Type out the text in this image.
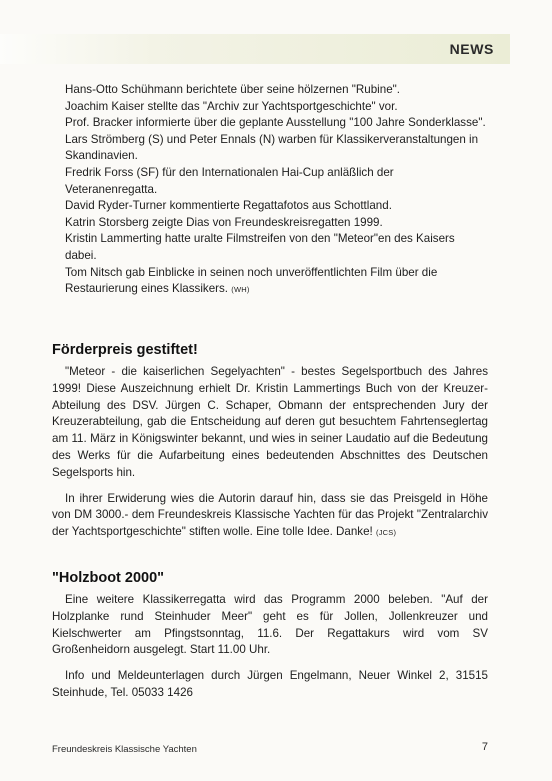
NEWS

Hans-Otto Schühmann berichtete über seine hölzernen "Rubine".

Joachim Kaiser stellte das "Archiv zur Yachtsportgeschichte" vor.

Prof. Bracker informierte über die geplante Ausstellung "100 Jahre Sonderklasse".

Lars Strömberg (S) und Peter Ennals (N) warben für Klassikerveranstaltungen in Skandinavien.

Fredrik Forss (SF) für den Internationalen Hai-Cup anläßlich der Veteranenregatta.

David Ryder-Turner kommentierte Regattafotos aus Schottland.

Katrin Storsberg zeigte Dias von Freundeskreisregatten 1999.

Kristin Lammerting hatte uralte Filmstreifen von den "Meteor"en des Kaisers dabei.

Tom Nitsch gab Einblicke in seinen noch unveröffentlichten Film über die Restaurierung eines Klassikers. (WH)

Förderpreis gestiftet!

"Meteor - die kaiserlichen Segelyachten" - bestes Segelsportbuch des Jahres 1999! Diese Auszeichnung erhielt Dr. Kristin Lammertings Buch von der Kreuzer-Abteilung des DSV. Jürgen C. Schaper, Obmann der entsprechenden Jury der Kreuzerabteilung, gab die Entscheidung auf deren gut besuchtem Fahrtenseglertag am 11. März in Königswinter bekannt, und wies in seiner Laudatio auf die Bedeutung des Werks für die Aufarbeitung eines bedeutenden Abschnittes des Deutschen Segelsports hin.

In ihrer Erwiderung wies die Autorin darauf hin, dass sie das Preisgeld in Höhe von DM 3000.- dem Freundeskreis Klassische Yachten für das Projekt "Zentralarchiv der Yachtsportgeschichte" stiften wolle. Eine tolle Idee. Danke! (JCS)

"Holzboot 2000"

Eine weitere Klassikerregatta wird das Programm 2000 beleben. "Auf der Holzplanke rund Steinhuder Meer" geht es für Jollen, Jollenkreuzer und Kielschwerter am Pfingstsonntag, 11.6. Der Regattakurs wird vom SV Großenheidorn ausgelegt. Start 11.00 Uhr.

Info und Meldeunterlagen durch Jürgen Engelmann, Neuer Winkel 2, 31515 Steinhude, Tel. 05033 1426

Freundeskreis Klassische Yachten	7
